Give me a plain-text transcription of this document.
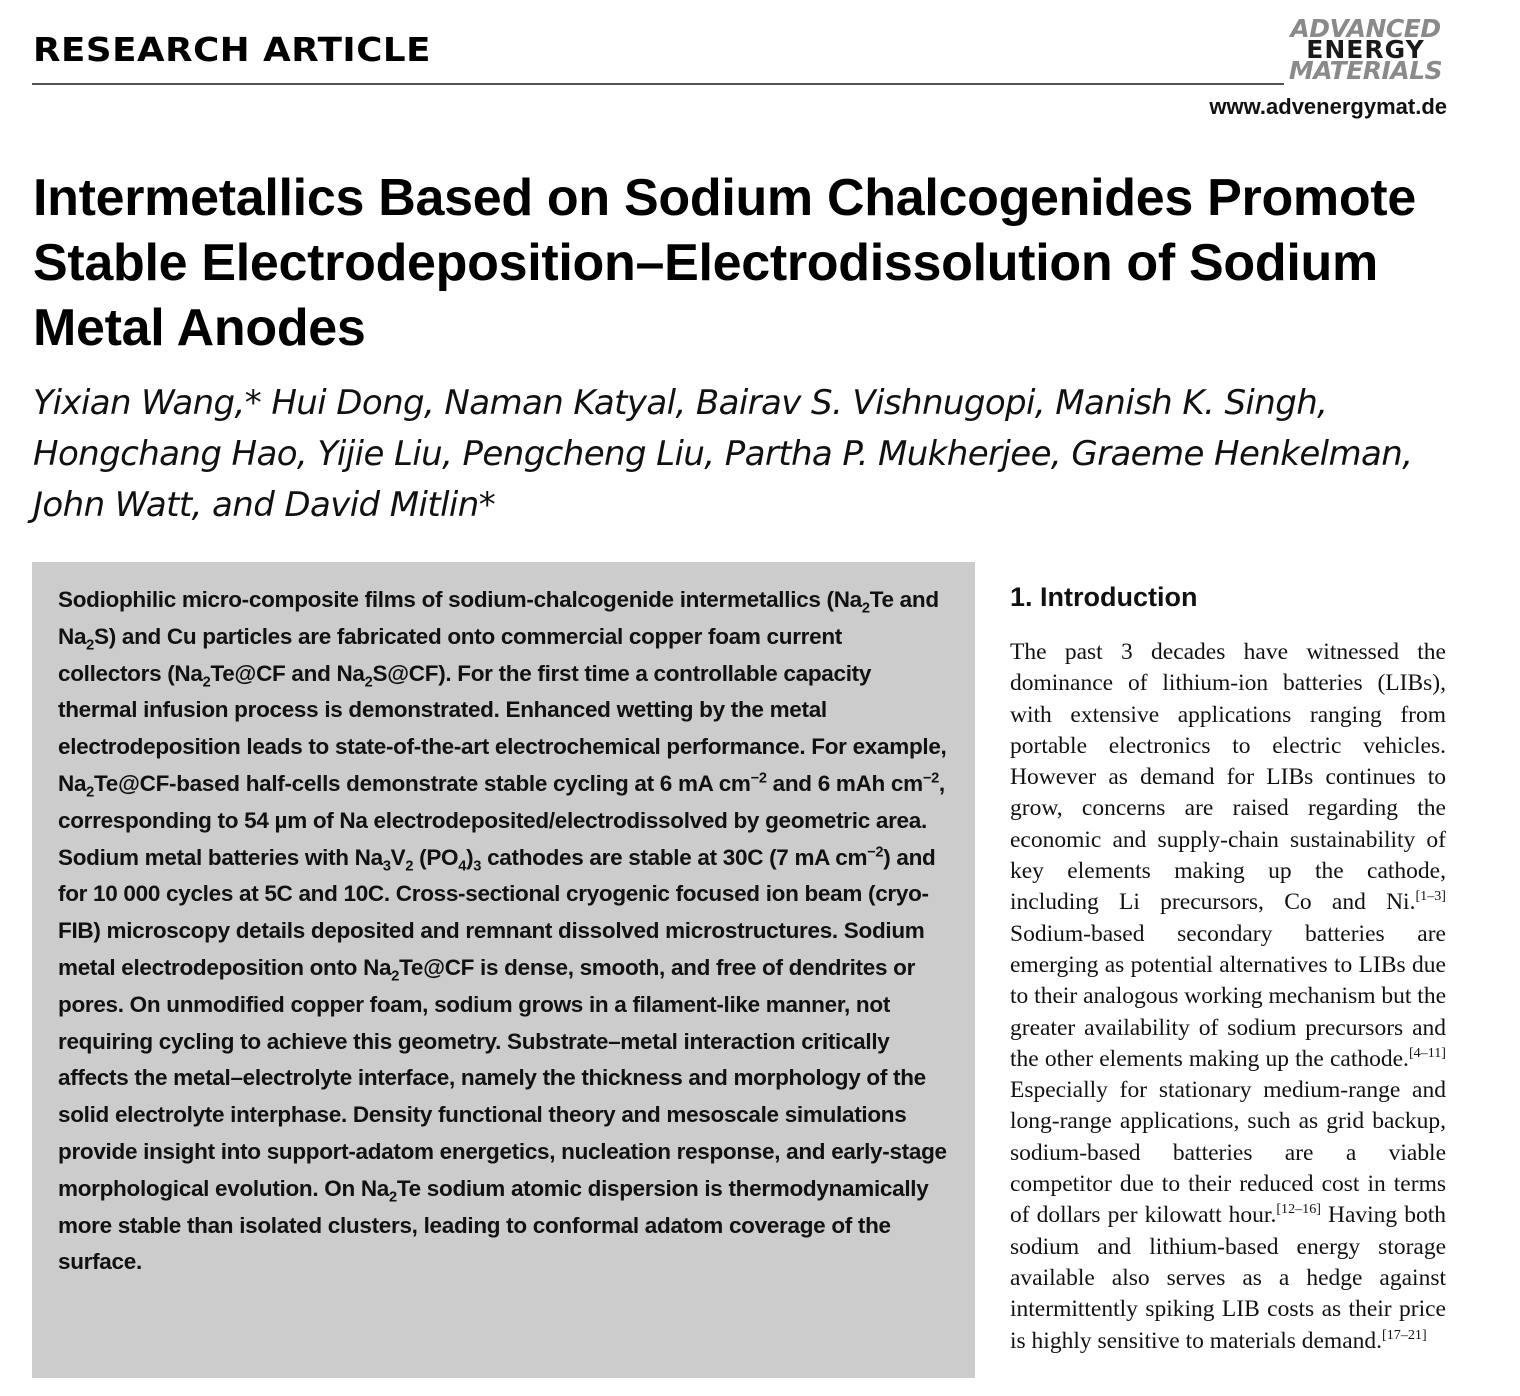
RESEARCH ARTICLE
ADVANCED
ENERGY
MATERIALS
www.advenergymat.de
Intermetallics Based on Sodium Chalcogenides Promote Stable Electrodeposition–Electrodissolution of Sodium Metal Anodes
Yixian Wang,* Hui Dong, Naman Katyal, Bairav S. Vishnugopi, Manish K. Singh, Hongchang Hao, Yijie Liu, Pengcheng Liu, Partha P. Mukherjee, Graeme Henkelman, John Watt, and David Mitlin*

Sodiophilic micro-composite films of sodium-chalcogenide intermetallics ($Na_2Te$ and $Na_2S$) and Cu particles are fabricated onto commercial copper foam current collectors ($Na_2Te@CF$ and $Na_2S@CF$). For the first time a controllable capacity thermal infusion process is demonstrated. Enhanced wetting by the metal electrodeposition leads to state-of-the-art electrochemical performance. For example, $Na_2Te@CF$-based half-cells demonstrate stable cycling at 6 mA $cm^{-2}$ and 6 mAh $cm^{-2}$, corresponding to 54 µm of Na electrodeposited/electrodissolved by geometric area. Sodium metal batteries with $Na_3V_2$ $(PO_4)_3$ cathodes are stable at 30C (7 mA $cm^{-2}$) and for 10 000 cycles at 5C and 10C. Cross-sectional cryogenic focused ion beam (cryo-FIB) microscopy details deposited and remnant dissolved microstructures. Sodium metal electrodeposition onto $Na_2Te@CF$ is dense, smooth, and free of dendrites or pores. On unmodified copper foam, sodium grows in a filament-like manner, not requiring cycling to achieve this geometry. Substrate–metal interaction critically affects the metal–electrolyte interface, namely the thickness and morphology of the solid electrolyte interphase. Density functional theory and mesoscale simulations provide insight into support-adatom energetics, nucleation response, and early-stage morphological evolution. On $Na_2Te$ sodium atomic dispersion is thermodynamically more stable than isolated clusters, leading to conformal adatom coverage of the surface.

1. Introduction
The past 3 decades have witnessed the dominance of lithium-ion batteries (LIBs), with extensive applications ranging from portable electronics to electric vehicles. However as demand for LIBs continues to grow, concerns are raised regarding the economic and supply-chain sustainability of key elements making up the cathode, including Li precursors, Co and Ni.[1–3] Sodium-based secondary batteries are emerging as potential alternatives to LIBs due to their analogous working mechanism but the greater availability of sodium precursors and the other elements making up the cathode.[4–11] Especially for stationary medium-range and long-range applications, such as grid backup, sodium-based batteries are a viable competitor due to their reduced cost in terms of dollars per kilowatt hour.[12–16] Having both sodium and lithium-based energy storage available also serves as a hedge against intermittently spiking LIB costs as their price is highly sensitive to materials demand.[17–21]
